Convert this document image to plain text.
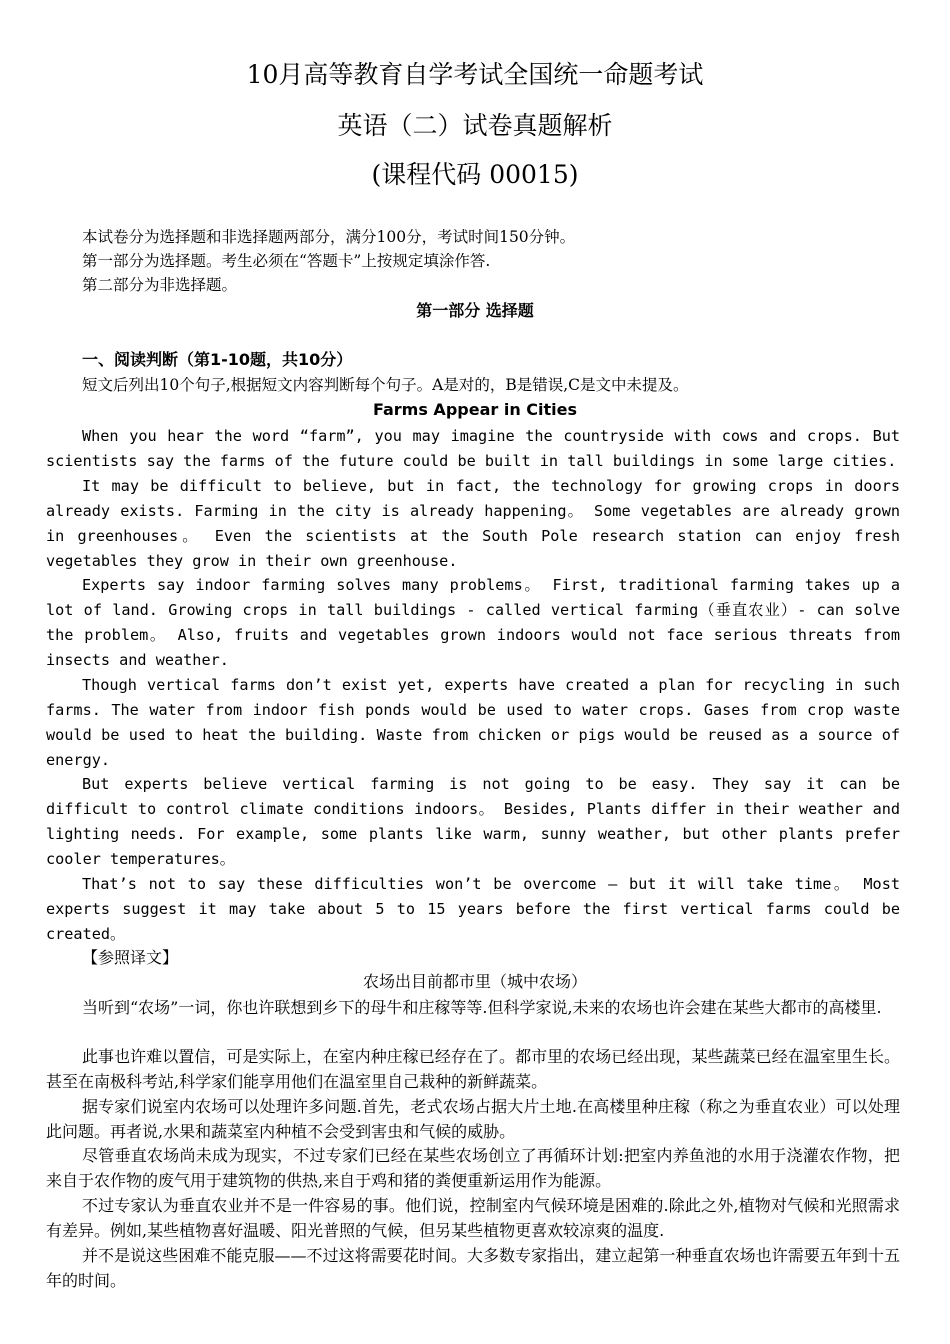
10月高等教育自学考试全国统一命题考试
英语（二）试卷真题解析
(课程代码 00015)
本试卷分为选择题和非选择题两部分，满分100分，考试时间150分钟。
第一部分为选择题。考生必须在“答题卡”上按规定填涂作答.
第二部分为非选择题。
第一部分 选择题
一、阅读判断（第1-10题，共10分）
短文后列出10个句子,根据短文内容判断每个句子。A是对的，B是错误,C是文中未提及。
Farms Appear in Cities

When you hear the word “farm”, you may imagine the countryside with cows and crops. But scientists say the farms of the future could be built in tall buildings in some large cities.

It may be difficult to believe, but in fact, the technology for growing crops in doors already exists. Farming in the city is already happening。 Some vegetables are already grown in greenhouses。 Even the scientists at the South Pole research station can enjoy fresh vegetables they grow in their own greenhouse.

Experts say indoor farming solves many problems。 First, traditional farming takes up a lot of land. Growing crops in tall buildings - called vertical farming（垂直农业）- can solve the problem。 Also, fruits and vegetables grown indoors would not face serious threats from insects and weather.

Though vertical farms don’t exist yet, experts have created a plan for recycling in such farms. The water from indoor fish ponds would be used to water crops. Gases from crop waste would be used to heat the building. Waste from chicken or pigs would be reused as a source of energy.

But experts believe vertical farming is not going to be easy. They say it can be difficult to control climate conditions indoors。 Besides, Plants differ in their weather and lighting needs. For example, some plants like warm, sunny weather, but other plants prefer cooler temperatures。

That’s not to say these difficulties won’t be overcome — but it will take time。 Most experts suggest it may take about 5 to 15 years before the first vertical farms could be created。

【参照译文】
农场出目前都市里（城中农场）

当听到“农场”一词，你也许联想到乡下的母牛和庄稼等等.但科学家说,未来的农场也许会建在某些大都市的高楼里.

此事也许难以置信，可是实际上，在室内种庄稼已经存在了。都市里的农场已经出现，某些蔬菜已经在温室里生长。甚至在南极科考站,科学家们能享用他们在温室里自己栽种的新鲜蔬菜。

据专家们说室内农场可以处理许多问题.首先，老式农场占据大片土地.在高楼里种庄稼（称之为垂直农业）可以处理此问题。再者说,水果和蔬菜室内种植不会受到害虫和气候的威胁。

尽管垂直农场尚未成为现实，不过专家们已经在某些农场创立了再循环计划:把室内养鱼池的水用于浇灌农作物，把来自于农作物的废气用于建筑物的供热,来自于鸡和猪的粪便重新运用作为能源。

不过专家认为垂直农业并不是一件容易的事。他们说，控制室内气候环境是困难的.除此之外,植物对气候和光照需求有差异。例如,某些植物喜好温暖、阳光普照的气候，但另某些植物更喜欢较凉爽的温度.

并不是说这些困难不能克服——不过这将需要花时间。大多数专家指出，建立起第一种垂直农场也许需要五年到十五年的时间。
